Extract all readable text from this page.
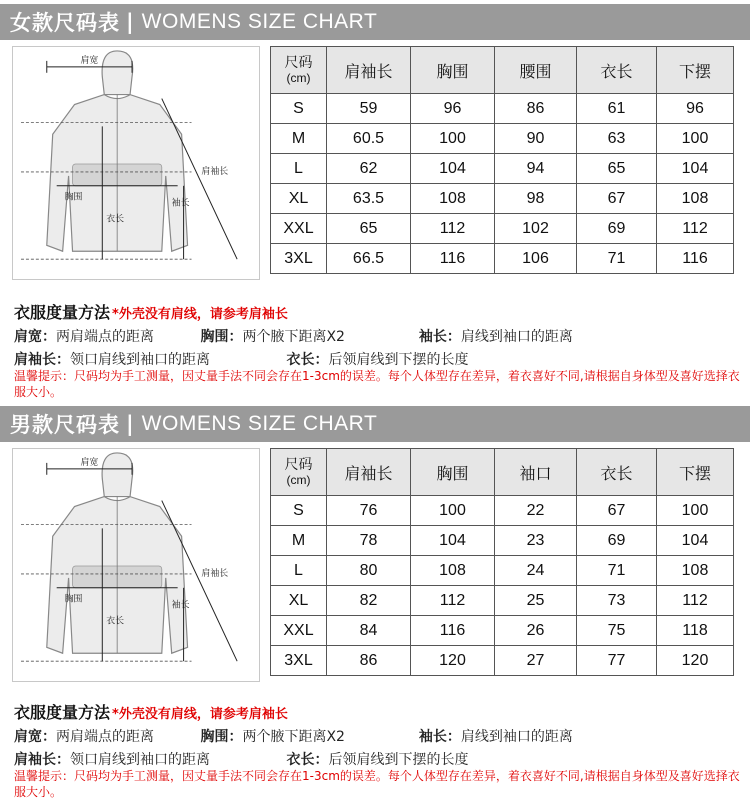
女款尺码表 | WOMENS SIZE CHART
肩宽
胸围
衣长
袖长
肩袖长
尺码
(cm)	肩袖长	胸围	腰围	衣长	下摆
S	59	96	86	61	96
M	60.5	100	90	63	100
L	62	104	94	65	104
XL	63.5	108	98	67	108
XXL	65	112	102	69	112
3XL	66.5	116	106	71	116
衣服度量方法 *外壳没有肩线，请参考肩袖长
肩宽：两肩端点的距离	胸围：两个腋下距离X2	袖长：肩线到袖口的距离
肩袖长：领口肩线到袖口的距离	衣长：后领肩线到下摆的长度
温馨提示：尺码均为手工测量，因丈量手法不同会存在1-3cm的误差。每个人体型存在差异，着衣喜好不同,请根据自身体型及喜好选择衣服大小。
男款尺码表 | WOMENS SIZE CHART
肩宽
胸围
衣长
袖长
肩袖长
尺码
(cm)	肩袖长	胸围	袖口	衣长	下摆
S	76	100	22	67	100
M	78	104	23	69	104
L	80	108	24	71	108
XL	82	112	25	73	112
XXL	84	116	26	75	118
3XL	86	120	27	77	120
衣服度量方法 *外壳没有肩线，请参考肩袖长
肩宽：两肩端点的距离	胸围：两个腋下距离X2	袖长：肩线到袖口的距离
肩袖长：领口肩线到袖口的距离	衣长：后领肩线到下摆的长度
温馨提示：尺码均为手工测量，因丈量手法不同会存在1-3cm的误差。每个人体型存在差异，着衣喜好不同,请根据自身体型及喜好选择衣服大小。
